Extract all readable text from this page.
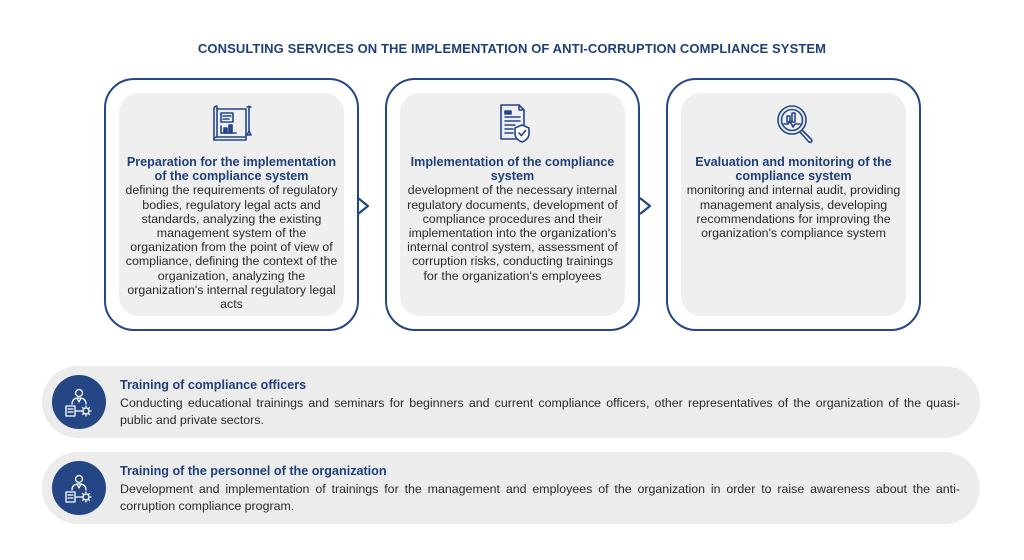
CONSULTING SERVICES ON THE IMPLEMENTATION OF ANTI-CORRUPTION COMPLIANCE SYSTEM
Preparation for the implementation of the compliance system
defining the requirements of regulatory bodies, regulatory legal acts and standards, analyzing the existing management system of the organization from the point of view of compliance, defining the context of the organization, analyzing the organization's internal regulatory legal acts
Implementation of the compliance system
development of the necessary internal regulatory documents, development of compliance procedures and their implementation into the organization's internal control system, assessment of corruption risks, conducting trainings for the organization's employees
Evaluation and monitoring of the compliance system
monitoring and internal audit, providing management analysis, developing recommendations for improving the organization's compliance system
Training of compliance officers
Conducting educational trainings and seminars for beginners and current compliance officers, other representatives of the organization of the quasi-public and private sectors.
Training of the personnel of the organization
Development and implementation of trainings for the management and employees of the organization in order to raise awareness about the anti-corruption compliance program.
